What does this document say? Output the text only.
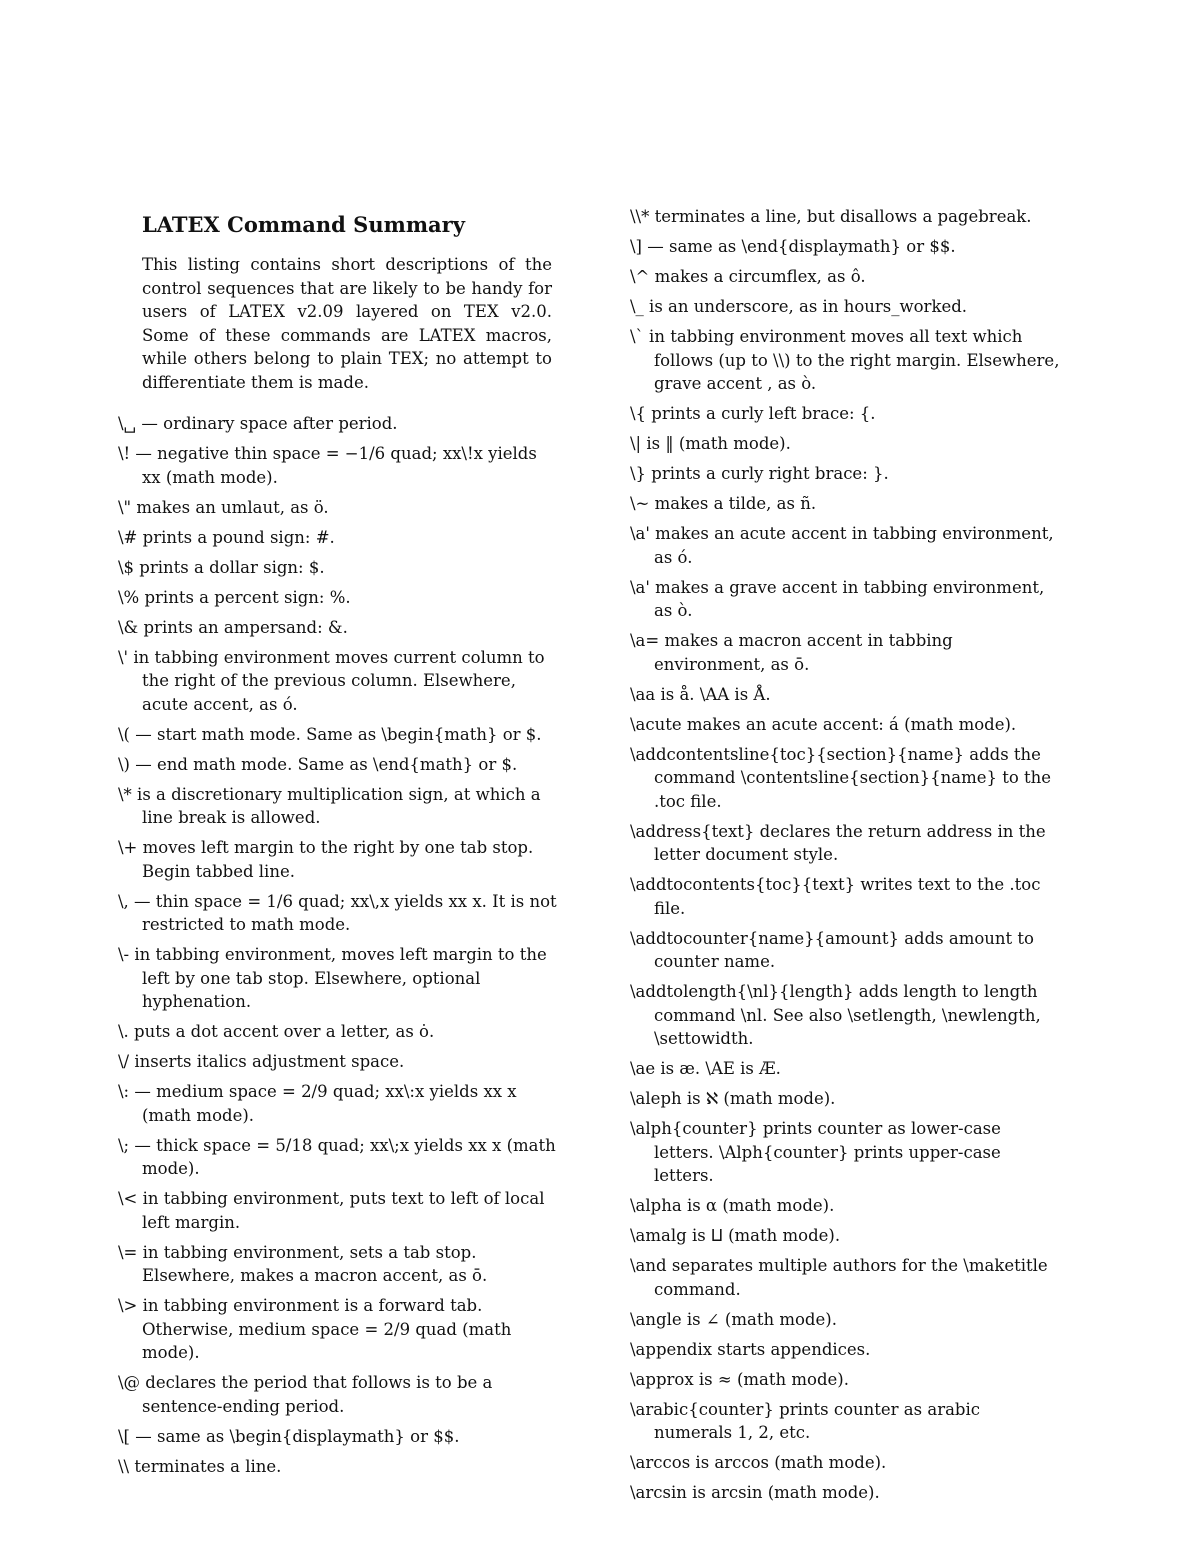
LATEX Command Summary
This listing contains short descriptions of the control sequences that are likely to be handy for users of LATEX v2.09 layered on TEX v2.0. Some of these commands are LATEX macros, while others belong to plain TEX; no attempt to differentiate them is made.
\␣ — ordinary space after period.
\! — negative thin space = −1/6 quad; xx\!x yields xx (math mode).
\" makes an umlaut, as ö.
\# prints a pound sign: #.
\$ prints a dollar sign: $.
\% prints a percent sign: %.
\& prints an ampersand: &.
\' in tabbing environment moves current column to the right of the previous column. Elsewhere, acute accent, as ó.
\( — start math mode. Same as \begin{math} or $.
\) — end math mode. Same as \end{math} or $.
\* is a discretionary multiplication sign, at which a line break is allowed.
\+ moves left margin to the right by one tab stop. Begin tabbed line.
\, — thin space = 1/6 quad; xx\,x yields xx x. It is not restricted to math mode.
\- in tabbing environment, moves left margin to the left by one tab stop. Elsewhere, optional hyphenation.
\. puts a dot accent over a letter, as ȯ.
\/ inserts italics adjustment space.
\: — medium space = 2/9 quad; xx\:x yields xx x (math mode).
\; — thick space = 5/18 quad; xx\;x yields xx x (math mode).
\< in tabbing environment, puts text to left of local left margin.
\= in tabbing environment, sets a tab stop. Elsewhere, makes a macron accent, as ō.
\> in tabbing environment is a forward tab. Otherwise, medium space = 2/9 quad (math mode).
\@ declares the period that follows is to be a sentence-ending period.
\[ — same as \begin{displaymath} or $$.
\\ terminates a line.
\\* terminates a line, but disallows a pagebreak.
\] — same as \end{displaymath} or $$.
\^ makes a circumflex, as ô.
\_ is an underscore, as in hours_worked.
\` in tabbing environment moves all text which follows (up to \\) to the right margin. Elsewhere, grave accent , as ò.
\{ prints a curly left brace: {.
\| is ‖ (math mode).
\} prints a curly right brace: }.
\~ makes a tilde, as ñ.
\a' makes an acute accent in tabbing environment, as ó.
\a' makes a grave accent in tabbing environment, as ò.
\a= makes a macron accent in tabbing environment, as ō.
\aa is å. \AA is Å.
\acute makes an acute accent: á (math mode).
\addcontentsline{toc}{section}{name} adds the command \contentsline{section}{name} to the .toc file.
\address{text} declares the return address in the letter document style.
\addtocontents{toc}{text} writes text to the .toc file.
\addtocounter{name}{amount} adds amount to counter name.
\addtolength{\nl}{length} adds length to length command \nl. See also \setlength, \newlength, \settowidth.
\ae is æ. \AE is Æ.
\aleph is ℵ (math mode).
\alph{counter} prints counter as lower-case letters. \Alph{counter} prints upper-case letters.
\alpha is α (math mode).
\amalg is ⨿ (math mode).
\and separates multiple authors for the \maketitle command.
\angle is ∠ (math mode).
\appendix starts appendices.
\approx is ≈ (math mode).
\arabic{counter} prints counter as arabic numerals 1, 2, etc.
\arccos is arccos (math mode).
\arcsin is arcsin (math mode).
